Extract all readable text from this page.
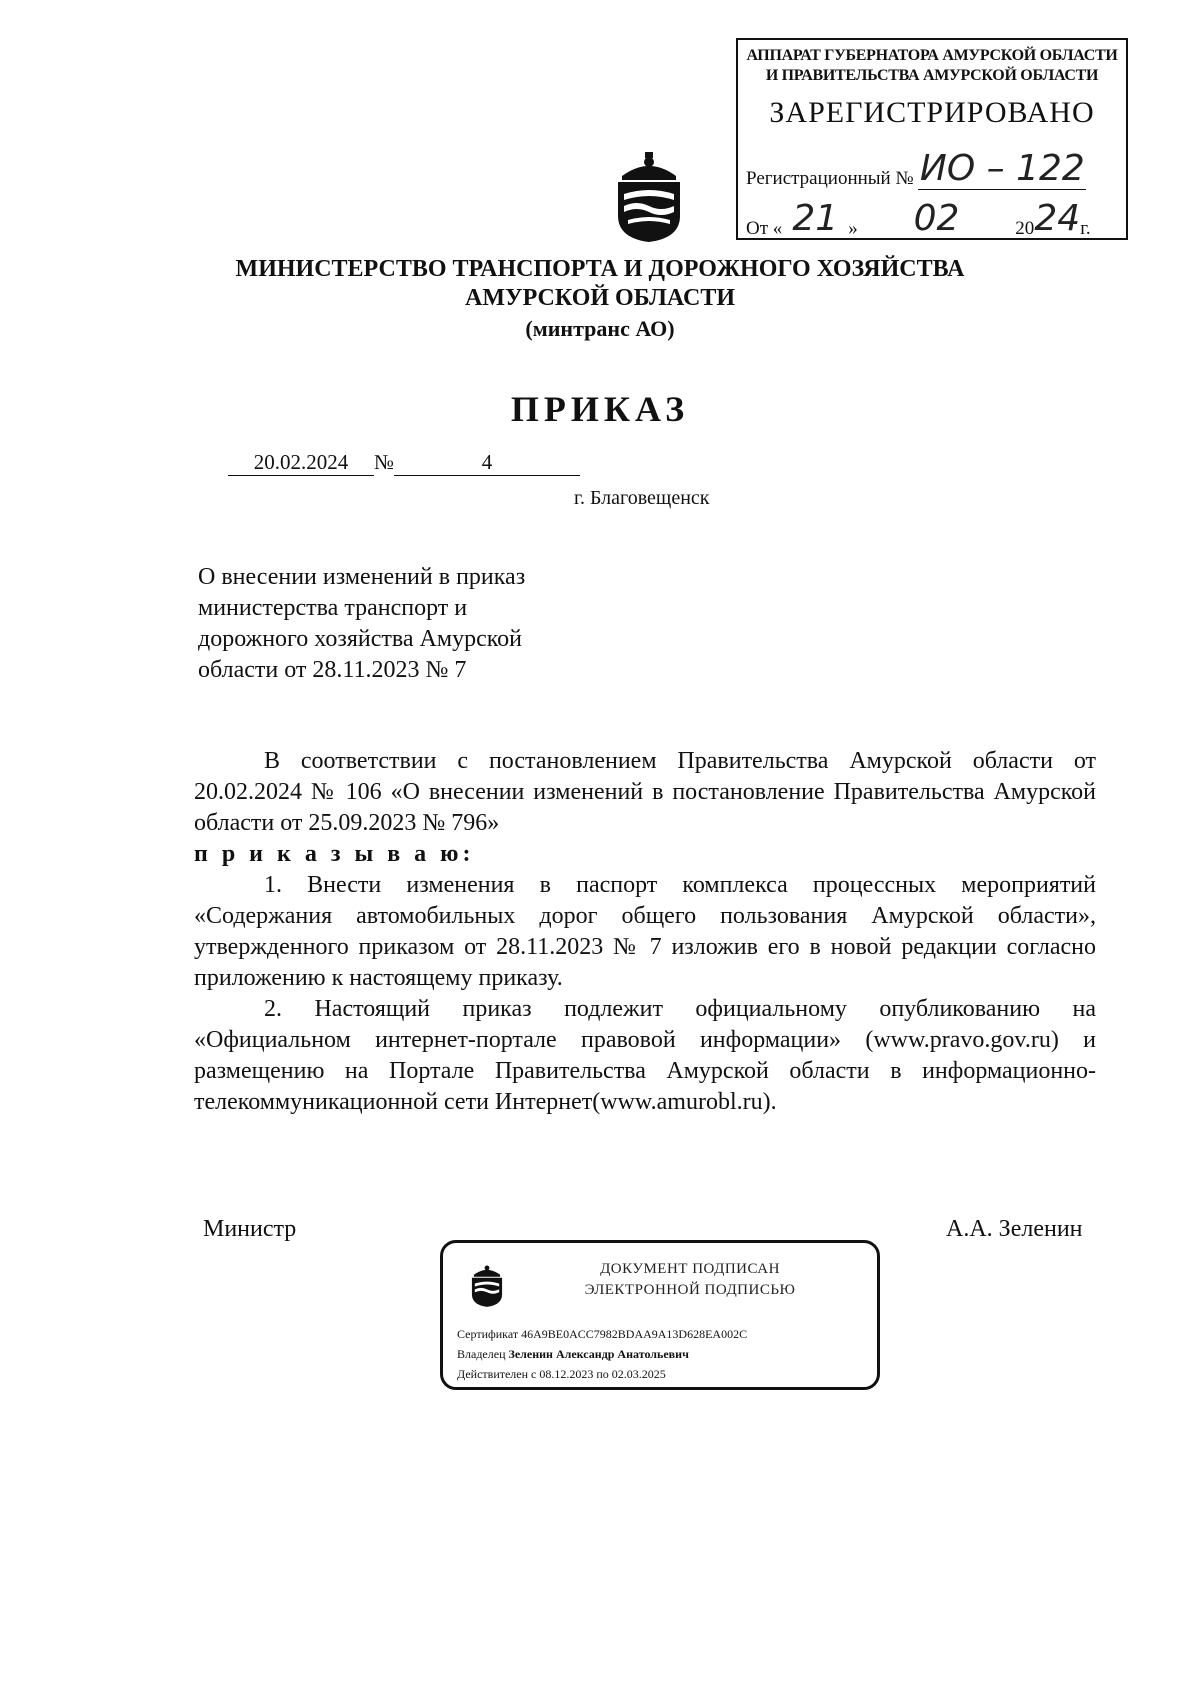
АППАРАТ ГУБЕРНАТОРА АМУРСКОЙ ОБЛАСТИ
И ПРАВИТЕЛЬСТВА АМУРСКОЙ ОБЛАСТИ
ЗАРЕГИСТРИРОВАНО
Регистрационный № ИО – 122
От « 21 » 02	2024г.
МИНИСТЕРСТВО ТРАНСПОРТА И ДОРОЖНОГО ХОЗЯЙСТВА
АМУРСКОЙ ОБЛАСТИ
(минтранс АО)
ПРИКАЗ
20.02.2024 №	4
г. Благовещенск
О внесении изменений в приказ
министерства транспорт и
дорожного хозяйства Амурской
области от 28.11.2023 № 7

В соответствии с постановлением Правительства Амурской области от 20.02.2024 № 106 «О внесении изменений в постановление Правительства Амурской области от 25.09.2023 № 796»

п р и к а з ы в а ю:

1. Внести изменения в паспорт комплекса процессных мероприятий «Содержания автомобильных дорог общего пользования Амурской области», утвержденного приказом от 28.11.2023 № 7 изложив его в новой редакции согласно приложению к настоящему приказу.

2. Настоящий приказ подлежит официальному опубликованию на «Официальном интернет-портале правовой информации» (www.pravo.gov.ru) и размещению на Портале Правительства Амурской области в информационно-телекоммуникационной сети Интернет(www.amurobl.ru).

Министр	А.А. Зеленин
ДОКУМЕНТ ПОДПИСАН
ЭЛЕКТРОННОЙ ПОДПИСЬЮ
Сертификат 46A9BE0ACC7982BDAA9A13D628EA002C
Владелец Зеленин Александр Анатольевич
Действителен с 08.12.2023 по 02.03.2025
